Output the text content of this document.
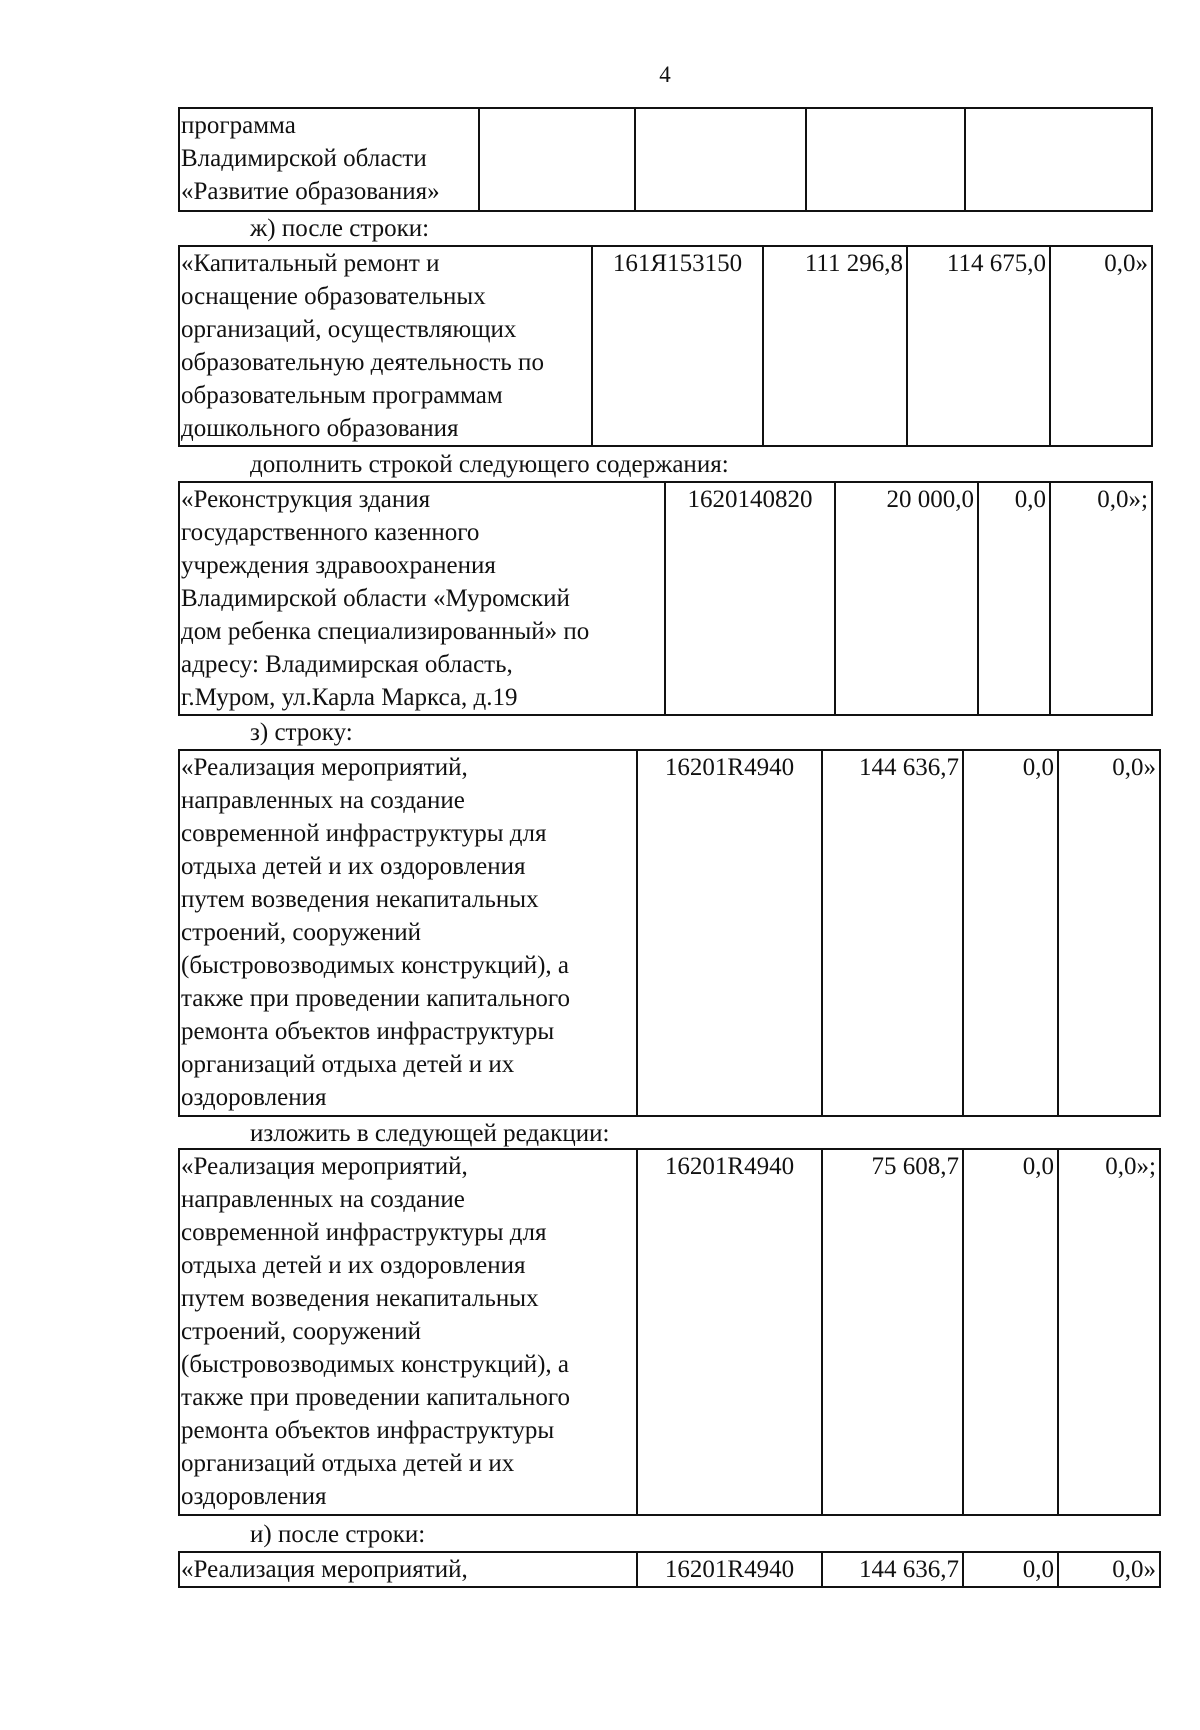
4
программа
Владимирской области
«Развитие образования»

ж) после строки:
«Капитальный ремонт и
оснащение образовательных
организаций, осуществляющих
образовательную деятельность по
образовательным программам
дошкольного образования
	161Я153150	111 296,8	114 675,0	0,0»
дополнить строкой следующего содержания:
«Реконструкция здания
государственного казенного
учреждения здравоохранения
Владимирской области «Муромский
дом ребенка специализированный» по
адресу: Владимирская область,
г.Муром, ул.Карла Маркса, д.19
	1620140820	20 000,0	0,0	0,0»;
з) строку:
«Реализация мероприятий,
направленных на создание
современной инфраструктуры для
отдыха детей и их оздоровления
путем возведения некапитальных
строений, сооружений
(быстровозводимых конструкций), а
также при проведении капитального
ремонта объектов инфраструктуры
организаций отдыха детей и их
оздоровления
	16201R4940	144 636,7	0,0	0,0»
изложить в следующей редакции:
«Реализация мероприятий,
направленных на создание
современной инфраструктуры для
отдыха детей и их оздоровления
путем возведения некапитальных
строений, сооружений
(быстровозводимых конструкций), а
также при проведении капитального
ремонта объектов инфраструктуры
организаций отдыха детей и их
оздоровления
	16201R4940	75 608,7	0,0	0,0»;
и) после строки:
«Реализация мероприятий,	16201R4940	144 636,7	0,0	0,0»
